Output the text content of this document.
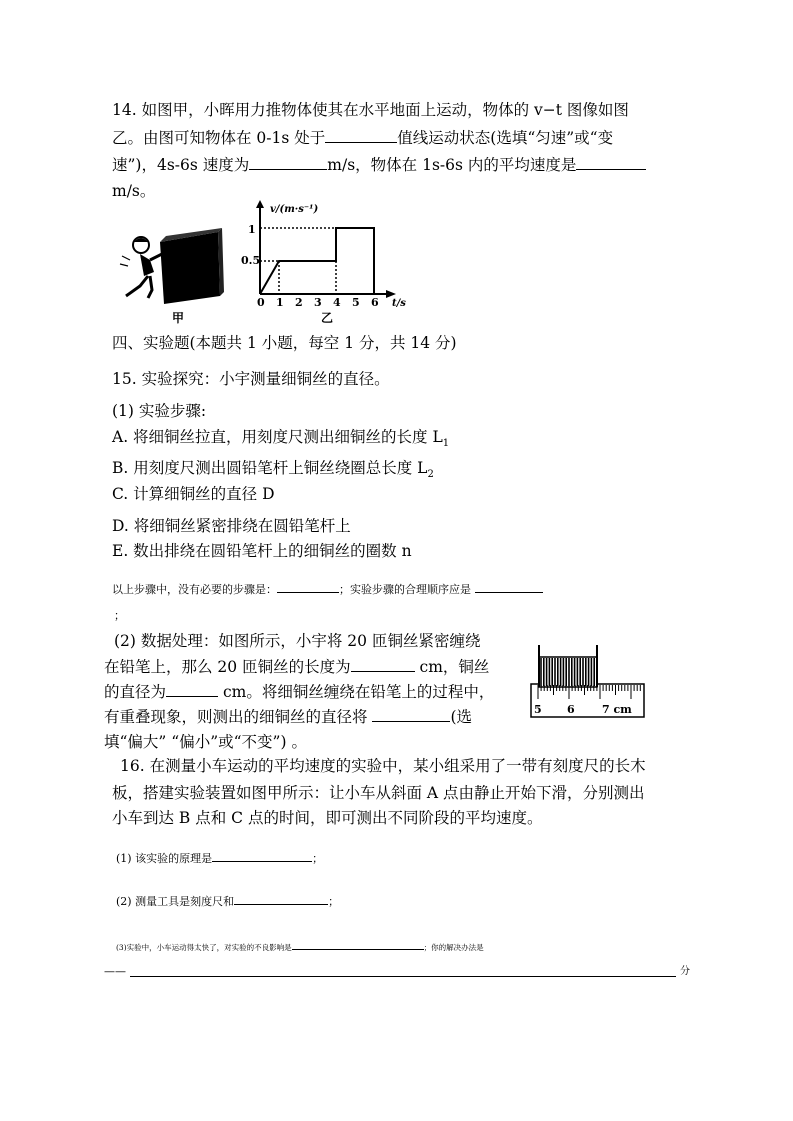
14. 如图甲，小晖用力推物体使其在水平地面上运动，物体的 v−t 图像如图
乙。由图可知物体在 0-1s 处于	值线运动状态(选填“匀速”或“变
速”)，4s-6s 速度为	m/s，物体在 1s-6s 内的平均速度是
m/s。
甲	乙
v/(m·s⁻¹)
t/s
0.5
1
0 1 2 3 4 5 6
四、实验题(本题共 1 小题，每空 1 分，共 14 分)
15. 实验探究：小宇测量细铜丝的直径。
(1) 实验步骤:
A. 将细铜丝拉直，用刻度尺测出细铜丝的长度 $L_1$
B. 用刻度尺测出圆铅笔杆上铜丝绕圈总长度 $L_2$
C. 计算细铜丝的直径 D
D. 将细铜丝紧密排绕在圆铅笔杆上
E. 数出排绕在圆铅笔杆上的细铜丝的圈数 n
以上步骤中，没有必要的步骤是：	；实验步骤的合理顺序应是
；
(2) 数据处理：如图所示，小宇将 20 匝铜丝紧密缠绕
在铅笔上，那么 20 匝铜丝的长度为	cm，铜丝
的直径为	cm。将细铜丝缠绕在铅笔上的过程中，
有重叠现象，则测出的细铜丝的直径将	(选
填“偏大” “偏小”或“不变”) 。
5 6 7 cm
16. 在测量小车运动的平均速度的实验中，某小组采用了一带有刻度尺的长木
板，搭建实验装置如图甲所示：让小车从斜面 A 点由静止开始下滑，分别测出
小车到达 B 点和 C 点的时间，即可测出不同阶段的平均速度。
(1) 该实验的原理是	；
(2) 测量工具是刻度尺和	；
(3)实验中，小车运动得太快了，对实验的不良影响是	；你的解决办法是
——	分
